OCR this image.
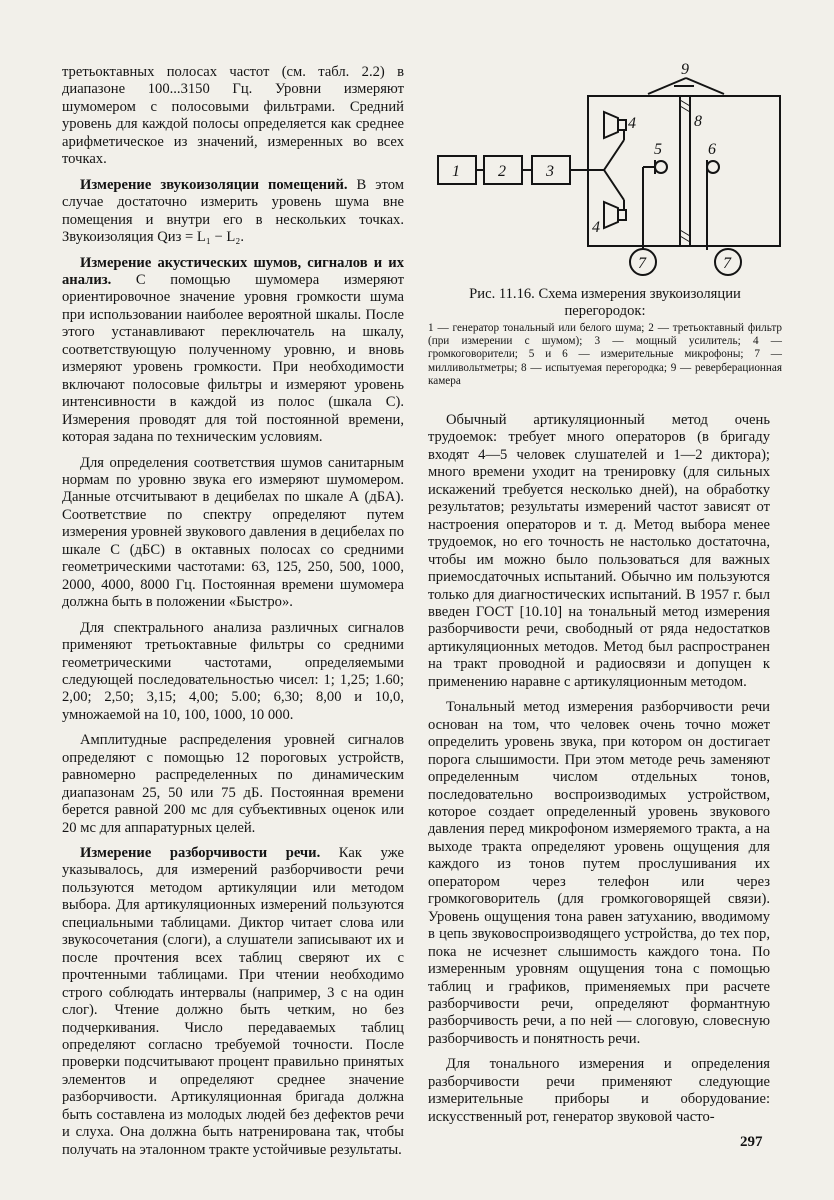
третьоктавных полосах частот (см. табл. 2.2) в диапазоне 100...3150 Гц. Уровни измеряют шумомером с полосовыми фильтрами. Средний уровень для каждой полосы определяется как среднее арифметическое из значений, измеренных во всех точках.

Измерение звукоизоляции помещений. В этом случае достаточно измерить уровень шума вне помещения и внутри его в нескольких точках. Звукоизоляция Qиз = L₁ − L₂.

Измерение акустических шумов, сигналов и их анализ. С помощью шумомера измеряют ориентировочное значение уровня громкости шума при использовании наиболее вероятной шкалы. После этого устанавливают переключатель на шкалу, соответствующую полученному уровню, и вновь измеряют уровень громкости. При необходимости включают полосовые фильтры и измеряют уровень интенсивности в каждой из полос (шкала С). Измерения проводят для той постоянной времени, которая задана по техническим условиям.

Для определения соответствия шумов санитарным нормам по уровню звука его измеряют шумомером. Данные отсчитывают в децибелах по шкале А (дБА). Соответствие по спектру определяют путем измерения уровней звукового давления в децибелах по шкале С (дБС) в октавных полосах со средними геометрическими частотами: 63, 125, 250, 500, 1000, 2000, 4000, 8000 Гц. Постоянная времени шумомера должна быть в положении «Быстро».

Для спектрального анализа различных сигналов применяют третьоктавные фильтры со средними геометрическими частотами, определяемыми следующей последовательностью чисел: 1; 1,25; 1.60; 2,00; 2,50; 3,15; 4,00; 5.00; 6,30; 8,00 и 10,0, умножаемой на 10, 100, 1000, 10 000.

Амплитудные распределения уровней сигналов определяют с помощью 12 пороговых устройств, равномерно распределенных по динамическим диапазонам 25, 50 или 75 дБ. Постоянная времени берется равной 200 мс для субъективных оценок или 20 мс для аппаратурных целей.

Измерение разборчивости речи. Как уже указывалось, для измерений разборчивости речи пользуются методом артикуляции или методом выбора. Для артикуляционных измерений пользуются специальными таблицами. Диктор читает слова или звукосочетания (слоги), а слушатели записывают их и после прочтения всех таблиц сверяют их с прочтенными таблицами. При чтении необходимо строго соблюдать интервалы (например, 3 с на один слог). Чтение должно быть четким, но без подчеркивания. Число передаваемых таблиц определяют согласно требуемой точности. После проверки подсчитывают процент правильно принятых элементов и определяют среднее значение разборчивости. Артикуляционная бригада должна быть составлена из молодых людей без дефектов речи и слуха. Она должна быть натренирована так, чтобы получать на эталонном тракте устойчивые результаты.

1 2	3
4
4
5	6
7	7
8
9
Рис. 11.16. Схема измерения звукоизоляции перегородок:
1 — генератор тональный или белого шума; 2 — третьоктавный фильтр (при измерении с шумом); 3 — мощный усилитель; 4 — громкоговорители; 5 и 6 — измерительные микрофоны; 7 — милливольтметры; 8 — испытуемая перегородка; 9 — реверберационная камера

Обычный артикуляционный метод очень трудоемок: требует много операторов (в бригаду входят 4—5 человек слушателей и 1—2 диктора); много времени уходит на тренировку (для сильных искажений требуется несколько дней), на обработку результатов; результаты измерений частот зависят от настроения операторов и т. д. Метод выбора менее трудоемок, но его точность не настолько достаточна, чтобы им можно было пользоваться для важных приемосдаточных испытаний. Обычно им пользуются только для диагностических испытаний. В 1957 г. был введен ГОСТ [10.10] на тональный метод измерения разборчивости речи, свободный от ряда недостатков артикуляционных методов. Метод был распространен на тракт проводной и радиосвязи и допущен к применению наравне с артикуляционным методом.

Тональный метод измерения разборчивости речи основан на том, что человек очень точно может определить уровень звука, при котором он достигает порога слышимости. При этом методе речь заменяют определенным числом отдельных тонов, последовательно воспроизводимых устройством, которое создает определенный уровень звукового давления перед микрофоном измеряемого тракта, а на выходе тракта определяют уровень ощущения для каждого из тонов путем прослушивания их оператором через телефон или через громкоговоритель (для громкоговорящей связи). Уровень ощущения тона равен затуханию, вводимому в цепь звуковоспроизводящего устройства, до тех пор, пока не исчезнет слышимость каждого тона. По измеренным уровням ощущения тона с помощью таблиц и графиков, применяемых при расчете разборчивости речи, определяют формантную разборчивость речи, а по ней — слоговую, словесную разборчивость и понятность речи.

Для тонального измерения и определения разборчивости речи применяют следующие измерительные приборы и оборудование: искусственный рот, генератор звуковой часто-

297
